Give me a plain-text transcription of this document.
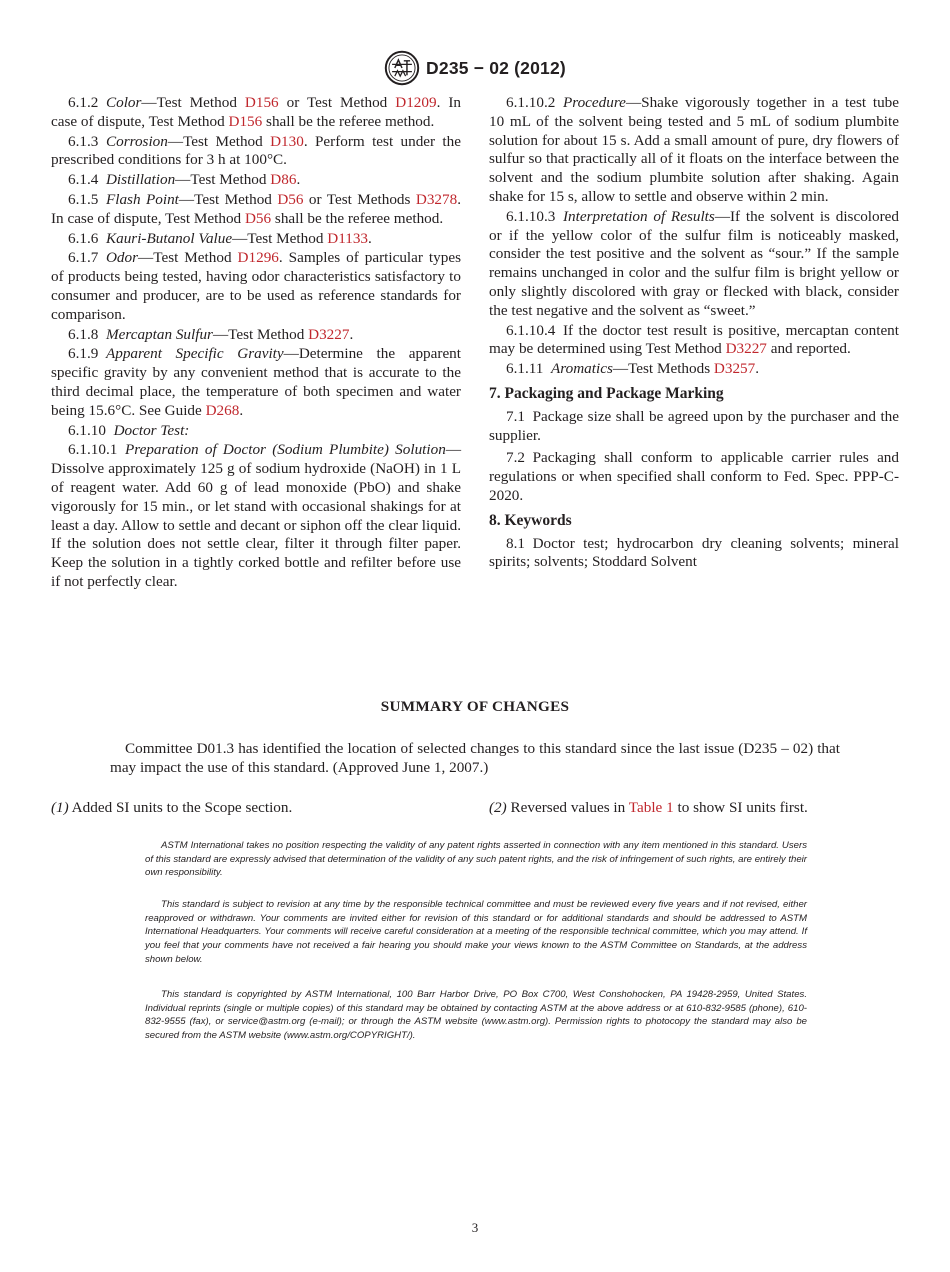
D235 − 02 (2012)

6.1.2  Color—Test Method D156 or Test Method D1209. In case of dispute, Test Method D156 shall be the referee method.

6.1.3  Corrosion—Test Method D130. Perform test under the prescribed conditions for 3 h at 100°C.

6.1.4  Distillation—Test Method D86.

6.1.5  Flash Point—Test Method D56 or Test Methods D3278. In case of dispute, Test Method D56 shall be the referee method.

6.1.6  Kauri-Butanol Value—Test Method D1133.

6.1.7  Odor—Test Method D1296. Samples of particular types of products being tested, having odor characteristics satisfactory to consumer and producer, are to be used as reference standards for comparison.

6.1.8  Mercaptan Sulfur—Test Method D3227.

6.1.9  Apparent Specific Gravity—Determine the apparent specific gravity by any convenient method that is accurate to the third decimal place, the temperature of both specimen and water being 15.6°C. See Guide D268.

6.1.10  Doctor Test:

6.1.10.1  Preparation of Doctor (Sodium Plumbite) Solution—Dissolve approximately 125 g of sodium hydroxide (NaOH) in 1 L of reagent water. Add 60 g of lead monoxide (PbO) and shake vigorously for 15 min., or let stand with occasional shakings for at least a day. Allow to settle and decant or siphon off the clear liquid. If the solution does not settle clear, filter it through filter paper. Keep the solution in a tightly corked bottle and refilter before use if not perfectly clear.

6.1.10.2  Procedure—Shake vigorously together in a test tube 10 mL of the solvent being tested and 5 mL of sodium plumbite solution for about 15 s. Add a small amount of pure, dry flowers of sulfur so that practically all of it floats on the interface between the solvent and the sodium plumbite solution after shaking. Again shake for 15 s, allow to settle and observe within 2 min.

6.1.10.3  Interpretation of Results—If the solvent is discolored or if the yellow color of the sulfur film is noticeably masked, consider the test positive and the solvent as “sour.” If the sample remains unchanged in color and the sulfur film is bright yellow or only slightly discolored with gray or flecked with black, consider the test negative and the solvent as “sweet.”

6.1.10.4  If the doctor test result is positive, mercaptan content may be determined using Test Method D3227 and reported.

6.1.11  Aromatics—Test Methods D3257.

7. Packaging and Package Marking

7.1  Package size shall be agreed upon by the purchaser and the supplier.

7.2  Packaging shall conform to applicable carrier rules and regulations or when specified shall conform to Fed. Spec. PPP-C-2020.

8. Keywords

8.1  Doctor test; hydrocarbon dry cleaning solvents; mineral spirits; solvents; Stoddard Solvent

SUMMARY OF CHANGES
Committee D01.3 has identified the location of selected changes to this standard since the last issue (D235 – 02) that may impact the use of this standard. (Approved June 1, 2007.)
(1) Added SI units to the Scope section.	(2) Reversed values in Table 1 to show SI units first.

ASTM International takes no position respecting the validity of any patent rights asserted in connection with any item mentioned in this standard. Users of this standard are expressly advised that determination of the validity of any such patent rights, and the risk of infringement of such rights, are entirely their own responsibility.

This standard is subject to revision at any time by the responsible technical committee and must be reviewed every five years and if not revised, either reapproved or withdrawn. Your comments are invited either for revision of this standard or for additional standards and should be addressed to ASTM International Headquarters. Your comments will receive careful consideration at a meeting of the responsible technical committee, which you may attend. If you feel that your comments have not received a fair hearing you should make your views known to the ASTM Committee on Standards, at the address shown below.

This standard is copyrighted by ASTM International, 100 Barr Harbor Drive, PO Box C700, West Conshohocken, PA 19428-2959, United States. Individual reprints (single or multiple copies) of this standard may be obtained by contacting ASTM at the above address or at 610-832-9585 (phone), 610-832-9555 (fax), or service@astm.org (e-mail); or through the ASTM website (www.astm.org). Permission rights to photocopy the standard may also be secured from the ASTM website (www.astm.org/COPYRIGHT/).

3
